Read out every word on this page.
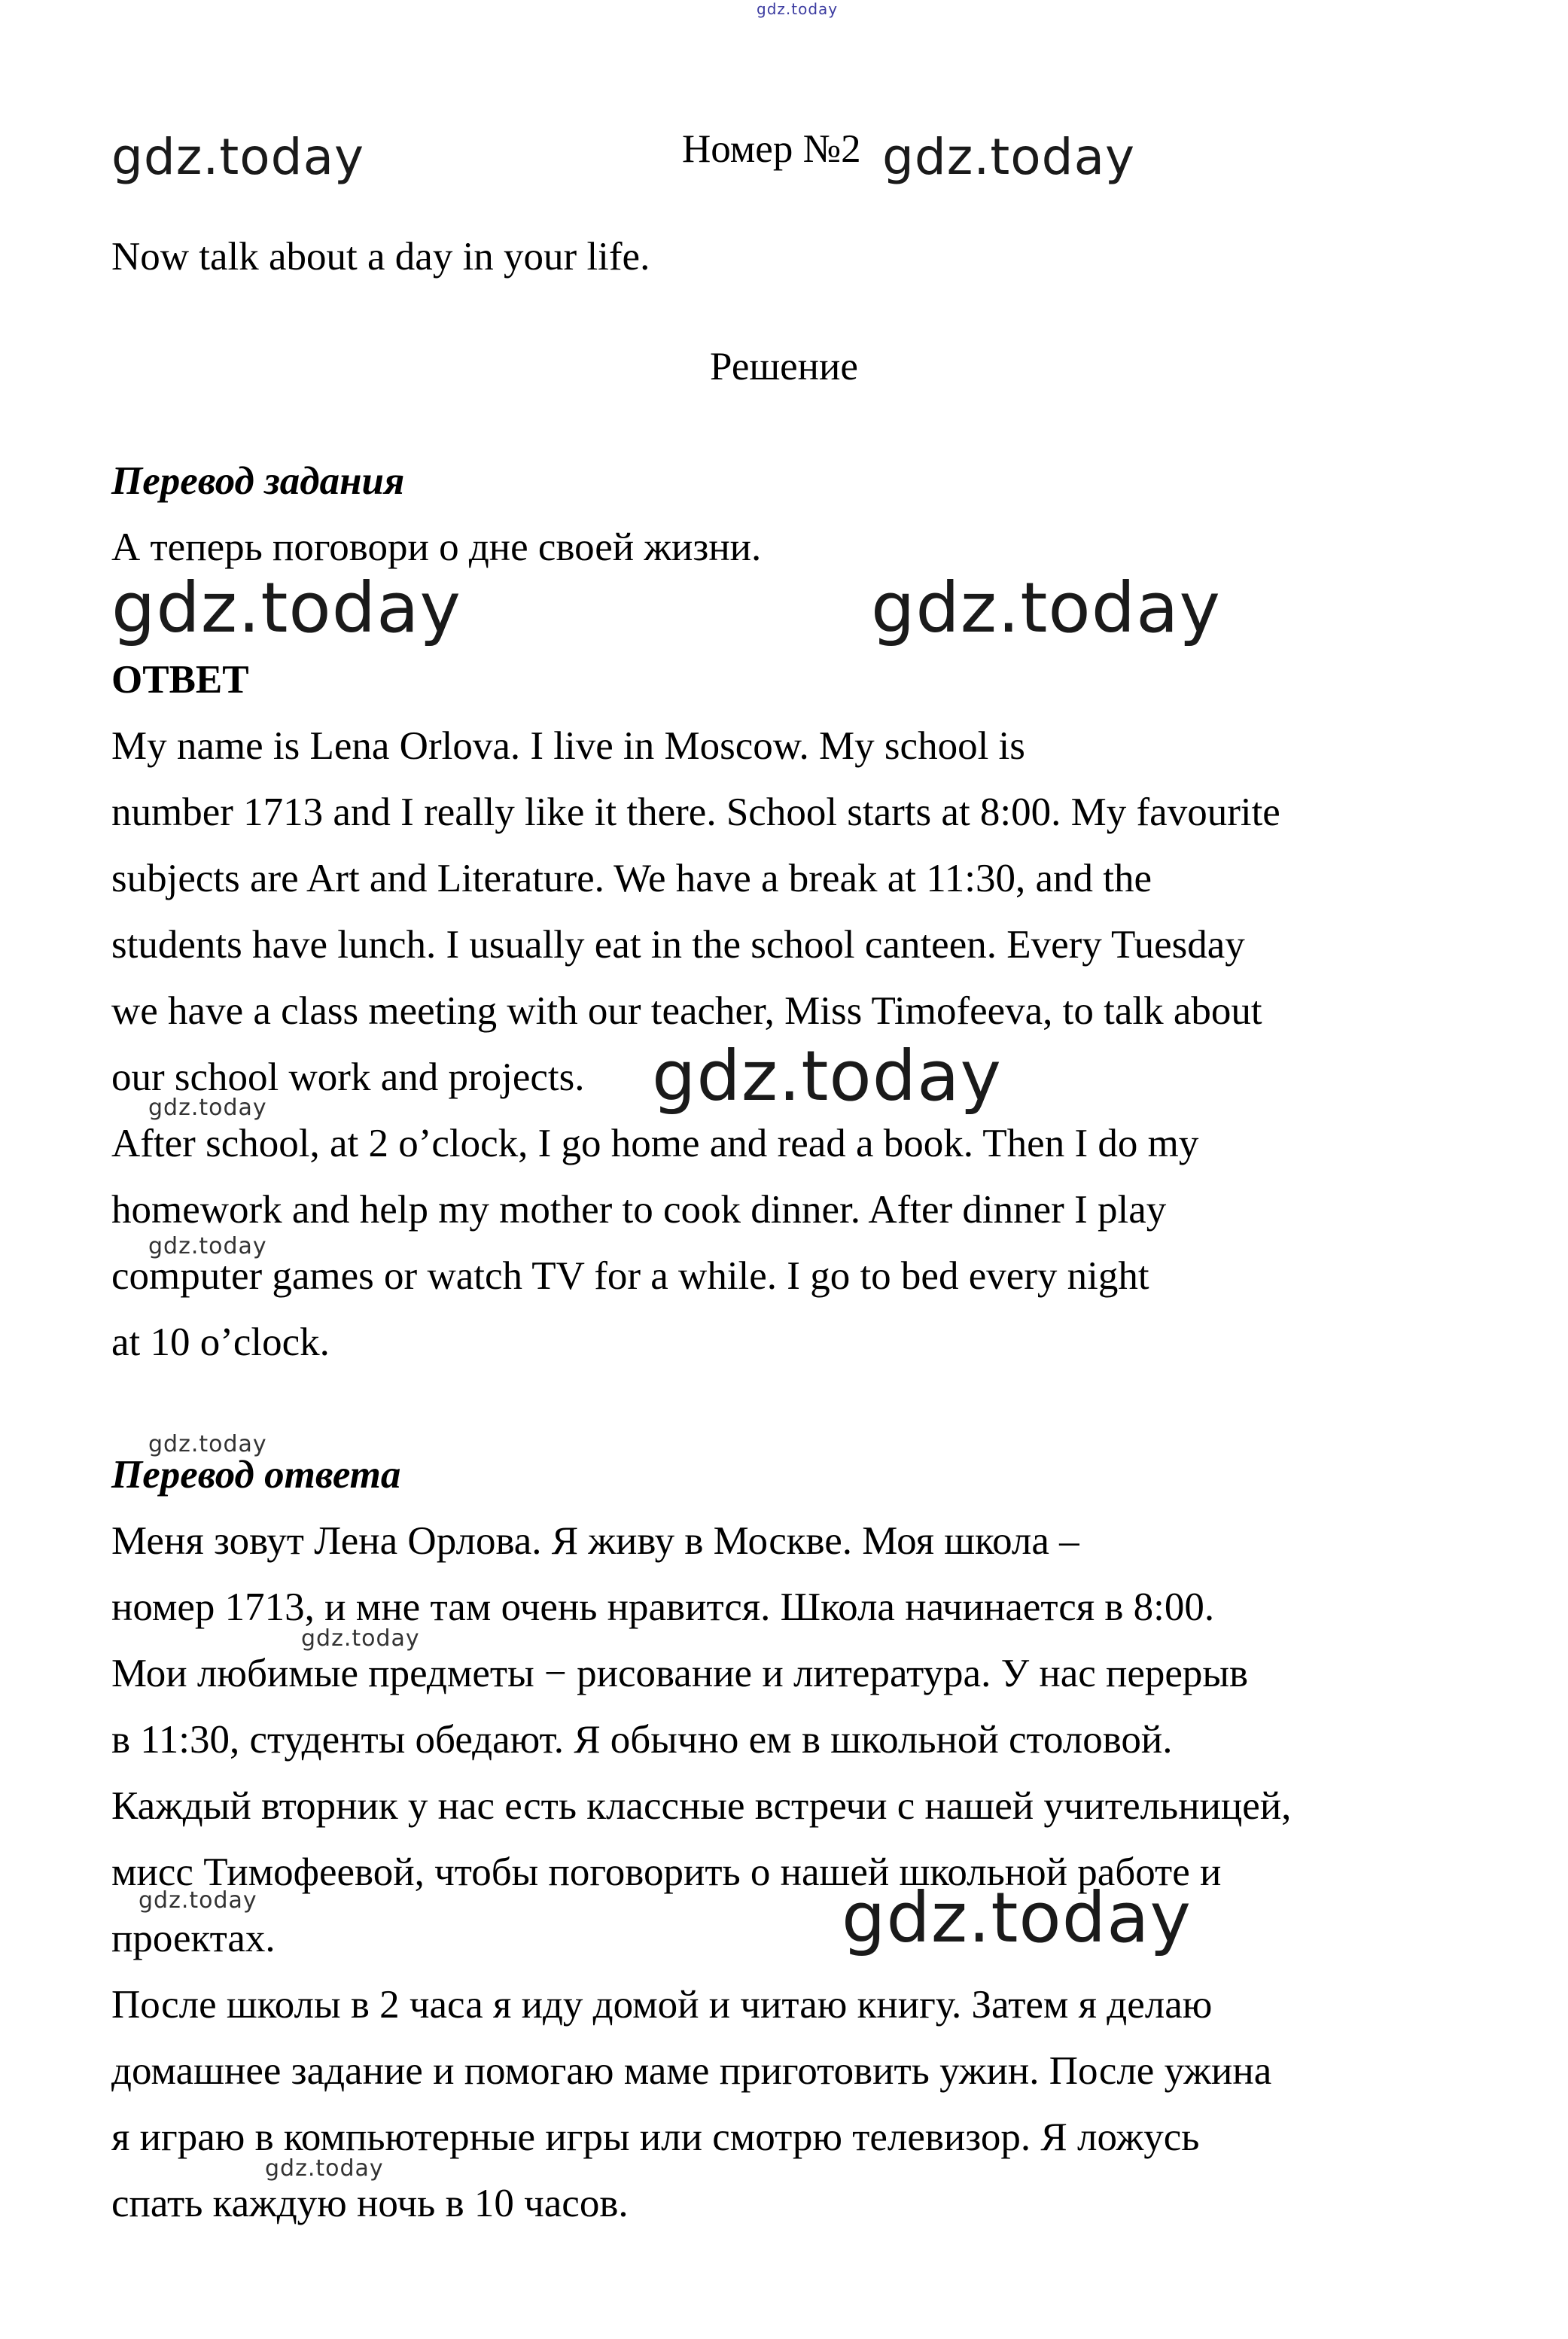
gdz.today
gdz.today	gdz.today
gdz.today	gdz.today
gdz.today
gdz.today
gdz.today
gdz.today
gdz.today
gdz.today	gdz.today
gdz.today
Номер №2
Now talk about a day in your life.
Решение
Перевод задания
А теперь поговори о дне своей жизни.
ОТВЕТ
My name is Lena Orlova. I live in Moscow. My school is
number 1713 and I really like it there. School starts at 8:00. My favourite
subjects are Art and Literature. We have a break at 11:30, and the
students have lunch. I usually eat in the school canteen. Every Tuesday
we have a class meeting with our teacher, Miss Timofeeva, to talk about
our school work and projects.
After school, at 2 o’clock, I go home and read a book. Then I do my
homework and help my mother to cook dinner. After dinner I play
computer games or watch TV for a while. I go to bed every night
at 10 o’clock.
Перевод ответа
Меня зовут Лена Орлова. Я живу в Москве. Моя школа –
номер 1713, и мне там очень нравится. Школа начинается в 8:00.
Мои любимые предметы − рисование и литература. У нас перерыв
в 11:30, студенты обедают. Я обычно ем в школьной столовой.
Каждый вторник у нас есть классные встречи с нашей учительницей,
мисс Тимофеевой, чтобы поговорить о нашей школьной работе и
проектах.
После школы в 2 часа я иду домой и читаю книгу. Затем я делаю
домашнее задание и помогаю маме приготовить ужин. После ужина
я играю в компьютерные игры или смотрю телевизор. Я ложусь
спать каждую ночь в 10 часов.
